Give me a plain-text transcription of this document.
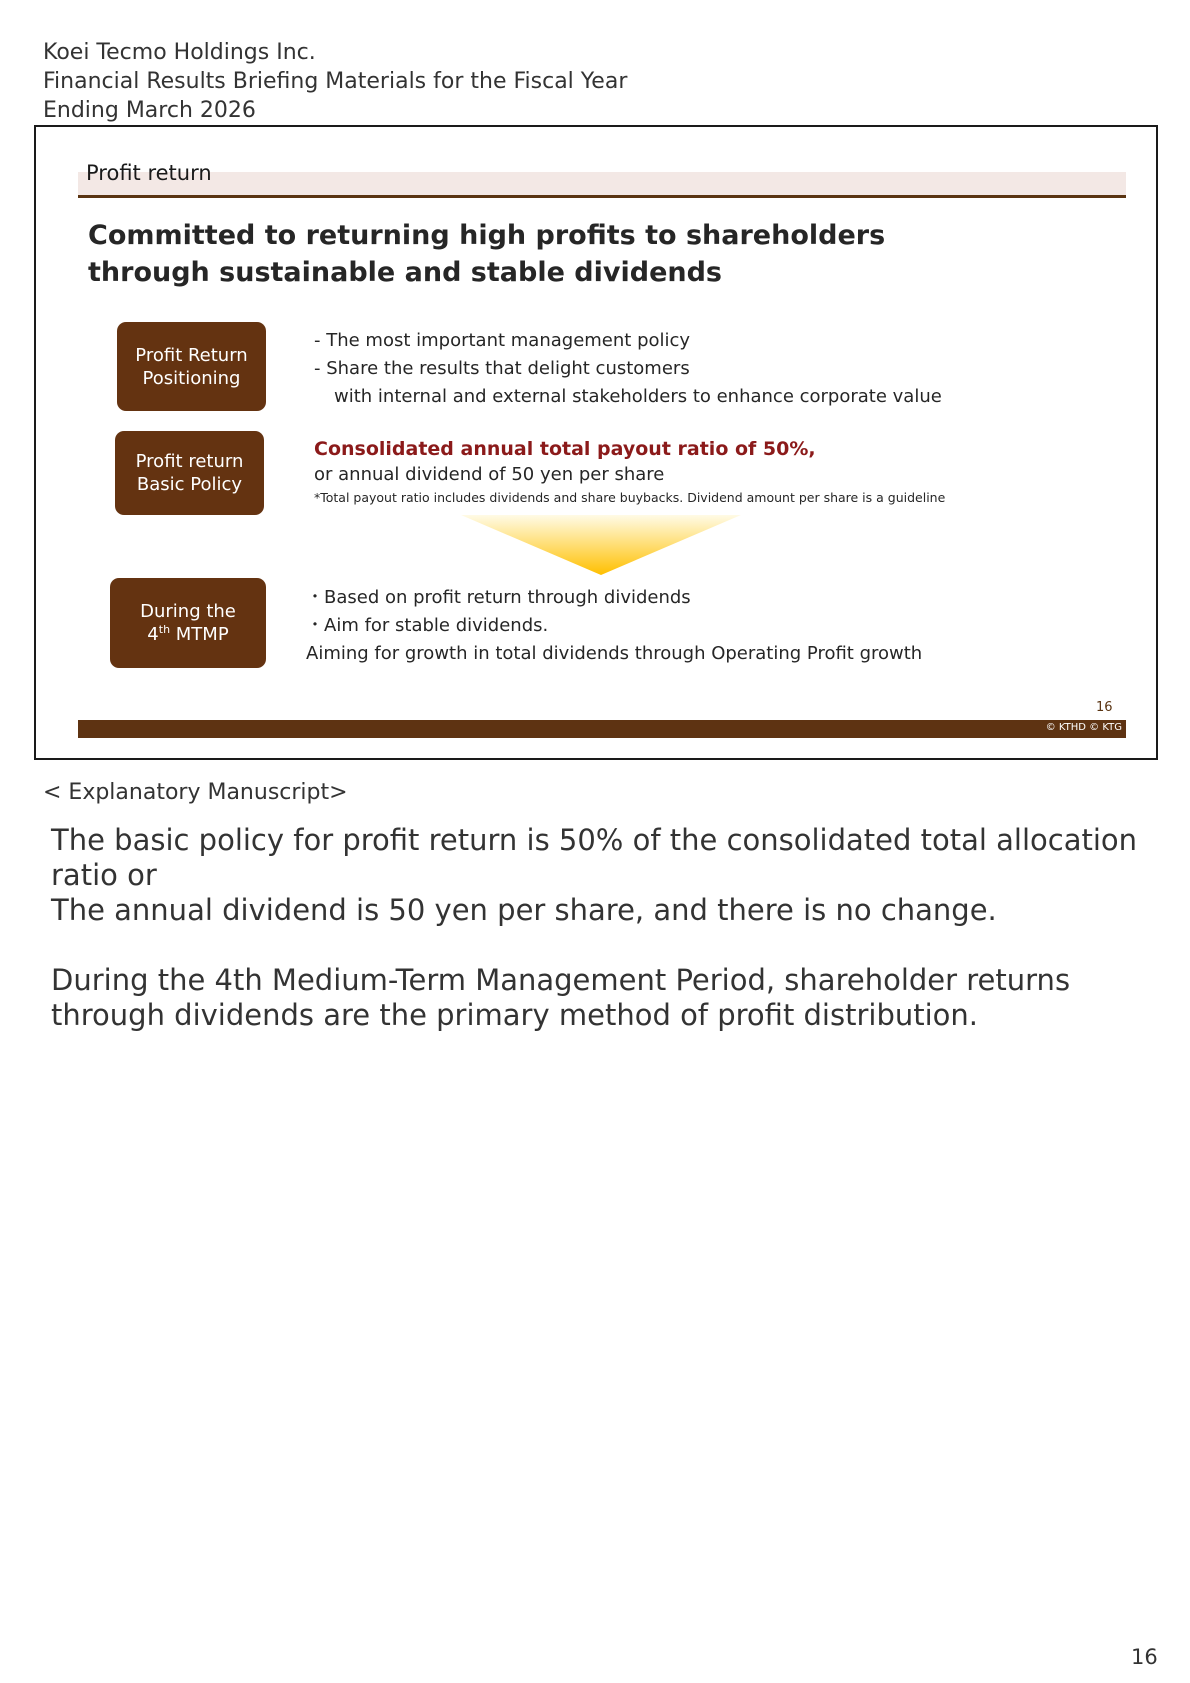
Koei Tecmo Holdings Inc.
Financial Results Briefing Materials for the Fiscal Year
Ending March 2026
Profit return
Committed to returning high profits to shareholders
through sustainable and stable dividends
Profit Return
Positioning
- The most important management policy
- Share the results that delight customers
with internal and external stakeholders to enhance corporate value
Profit return
Basic Policy
Consolidated annual total payout ratio of 50%,
or annual dividend of 50 yen per share
*Total payout ratio includes dividends and share buybacks. Dividend amount per share is a guideline
During the
4th MTMP
・Based on profit return through dividends
・Aim for stable dividends.
Aiming for growth in total dividends through Operating Profit growth
16
© KTHD © KTG
< Explanatory Manuscript>

The basic policy for profit return is 50% of the consolidated total allocation

ratio or

The annual dividend is 50 yen per share, and there is no change.

During the 4th Medium-Term Management Period, shareholder returns

through dividends are the primary method of profit distribution.

16
